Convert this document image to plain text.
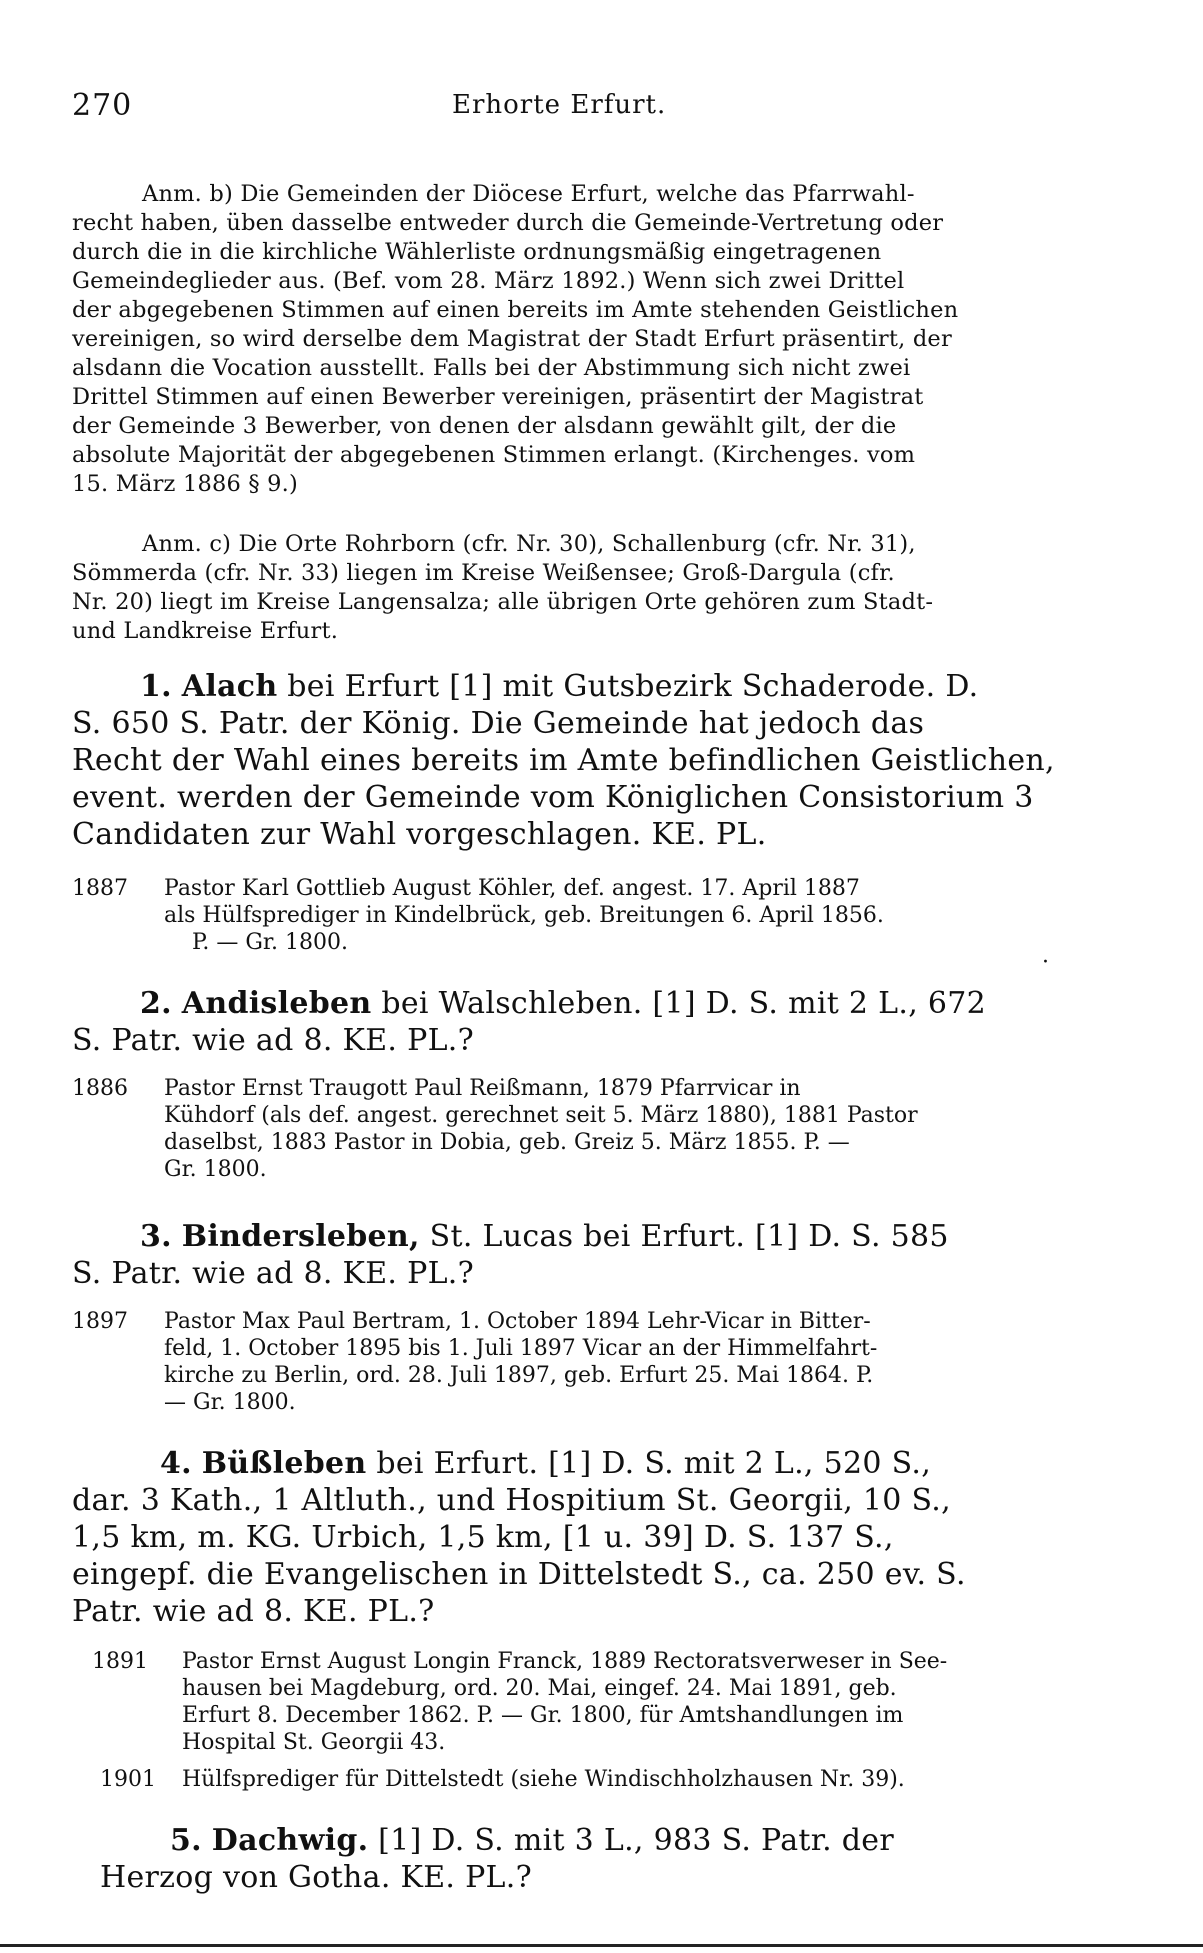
270	Erhorte Erfurt.
Anm. b) Die Gemeinden der Diöcese Erfurt, welche das Pfarrwahl-
recht haben, üben dasselbe entweder durch die Gemeinde-Vertretung oder
durch die in die kirchliche Wählerliste ordnungsmäßig eingetragenen
Gemeindeglieder aus. (Bef. vom 28. März 1892.) Wenn sich zwei Drittel
der abgegebenen Stimmen auf einen bereits im Amte stehenden Geistlichen
vereinigen, so wird derselbe dem Magistrat der Stadt Erfurt präsentirt, der
alsdann die Vocation ausstellt. Falls bei der Abstimmung sich nicht zwei
Drittel Stimmen auf einen Bewerber vereinigen, präsentirt der Magistrat
der Gemeinde 3 Bewerber, von denen der alsdann gewählt gilt, der die
absolute Majorität der abgegebenen Stimmen erlangt. (Kirchenges. vom
15. März 1886 § 9.)
Anm. c) Die Orte Rohrborn (cfr. Nr. 30), Schallenburg (cfr. Nr. 31),
Sömmerda (cfr. Nr. 33) liegen im Kreise Weißensee; Groß-Dargula (cfr.
Nr. 20) liegt im Kreise Langensalza; alle übrigen Orte gehören zum Stadt-
und Landkreise Erfurt.
1. Alach bei Erfurt [1] mit Gutsbezirk Schaderode. D.
S. 650 S. Patr. der König. Die Gemeinde hat jedoch das
Recht der Wahl eines bereits im Amte befindlichen Geistlichen,
event. werden der Gemeinde vom Königlichen Consistorium 3
Candidaten zur Wahl vorgeschlagen. KE. PL.
1887	Pastor Karl Gottlieb August Köhler, def. angest. 17. April 1887
als Hülfsprediger in Kindelbrück, geb. Breitungen 6. April 1856.
P. — Gr. 1800.
·
2. Andisleben bei Walschleben. [1] D. S. mit 2 L., 672
S. Patr. wie ad 8. KE. PL.?
1886	Pastor Ernst Traugott Paul Reißmann, 1879 Pfarrvicar in
Kühdorf (als def. angest. gerechnet seit 5. März 1880), 1881 Pastor
daselbst, 1883 Pastor in Dobia, geb. Greiz 5. März 1855. P. —
Gr. 1800.
3. Bindersleben, St. Lucas bei Erfurt. [1] D. S. 585
S. Patr. wie ad 8. KE. PL.?
1897	Pastor Max Paul Bertram, 1. October 1894 Lehr-Vicar in Bitter-
feld, 1. October 1895 bis 1. Juli 1897 Vicar an der Himmelfahrt-
kirche zu Berlin, ord. 28. Juli 1897, geb. Erfurt 25. Mai 1864. P.
— Gr. 1800.
4. Büßleben bei Erfurt. [1] D. S. mit 2 L., 520 S.,
dar. 3 Kath., 1 Altluth., und Hospitium St. Georgii, 10 S.,
1,5 km, m. KG. Urbich, 1,5 km, [1 u. 39] D. S. 137 S.,
eingepf. die Evangelischen in Dittelstedt S., ca. 250 ev. S.
Patr. wie ad 8. KE. PL.?
1891	Pastor Ernst August Longin Franck, 1889 Rectoratsverweser in See-
hausen bei Magdeburg, ord. 20. Mai, eingef. 24. Mai 1891, geb.
Erfurt 8. December 1862. P. — Gr. 1800, für Amtshandlungen im
Hospital St. Georgii 43.
1901	Hülfsprediger für Dittelstedt (siehe Windischholzhausen Nr. 39).
5. Dachwig. [1] D. S. mit 3 L., 983 S. Patr. der
Herzog von Gotha. KE. PL.?
